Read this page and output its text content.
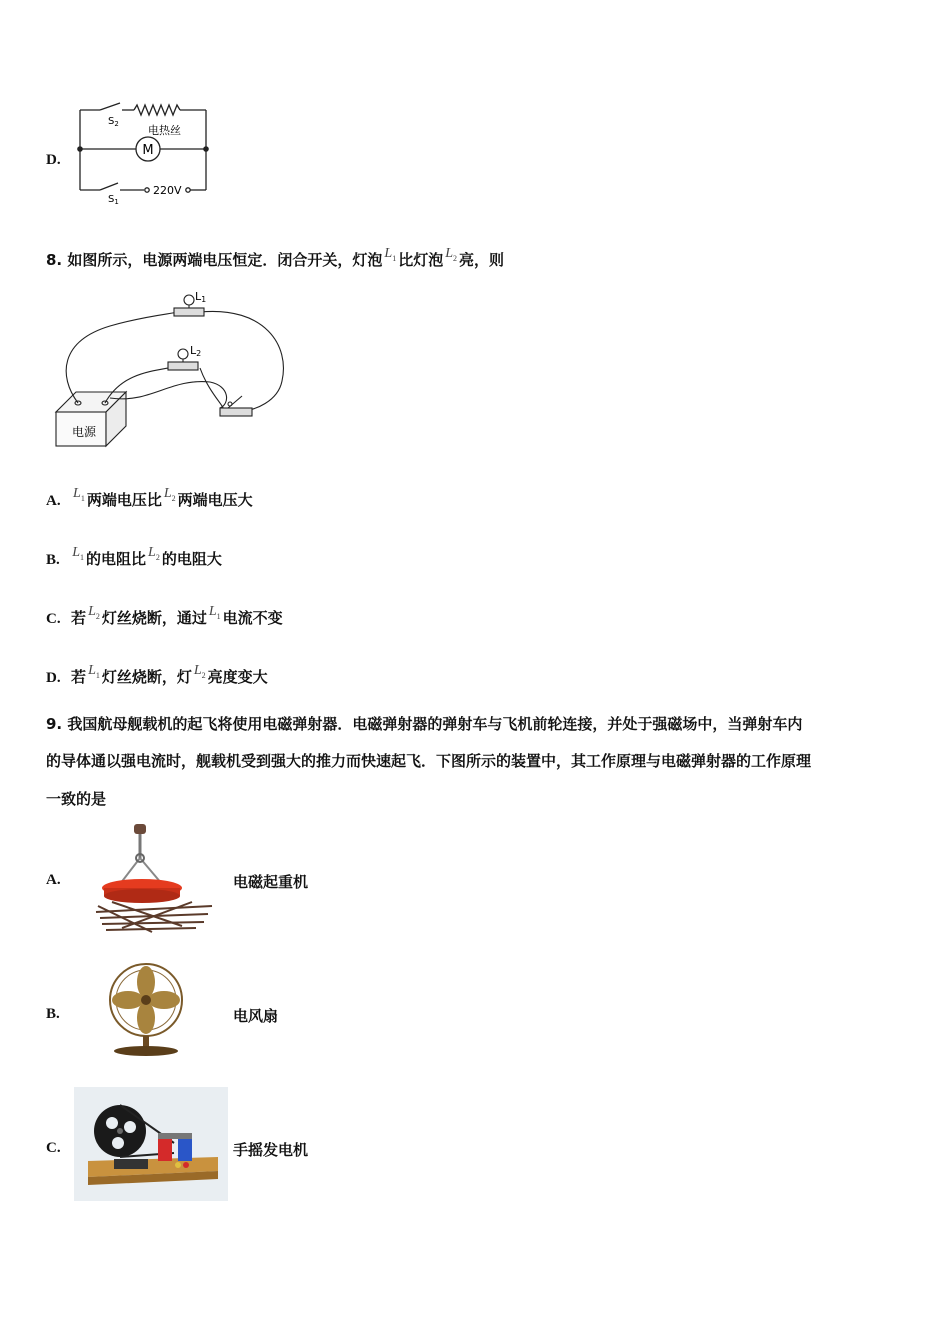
D.
$S_2$	电热丝
M
$S_1$
220V
8. 如图所示，电源两端电压恒定．闭合开关，灯泡 $L_1$ 比灯泡 $L_2$ 亮，则
L1
L2
电源
A. $L_1$ 两端电压比 $L_2$ 两端电压大
B. $L_1$ 的电阻比 $L_2$ 的电阻大
C. 若 $L_2$ 灯丝烧断，通过 $L_1$ 电流不变
D. 若 $L_1$ 灯丝烧断，灯 $L_2$ 亮度变大
9. 我国航母舰载机的起飞将使用电磁弹射器．电磁弹射器的弹射车与飞机前轮连接，并处于强磁场中，当弹射车内
的导体通以强电流时，舰载机受到强大的推力而快速起飞．下图所示的装置中，其工作原理与电磁弹射器的工作原理
一致的是
A.	电磁起重机
B.	电风扇
C.	手摇发电机
